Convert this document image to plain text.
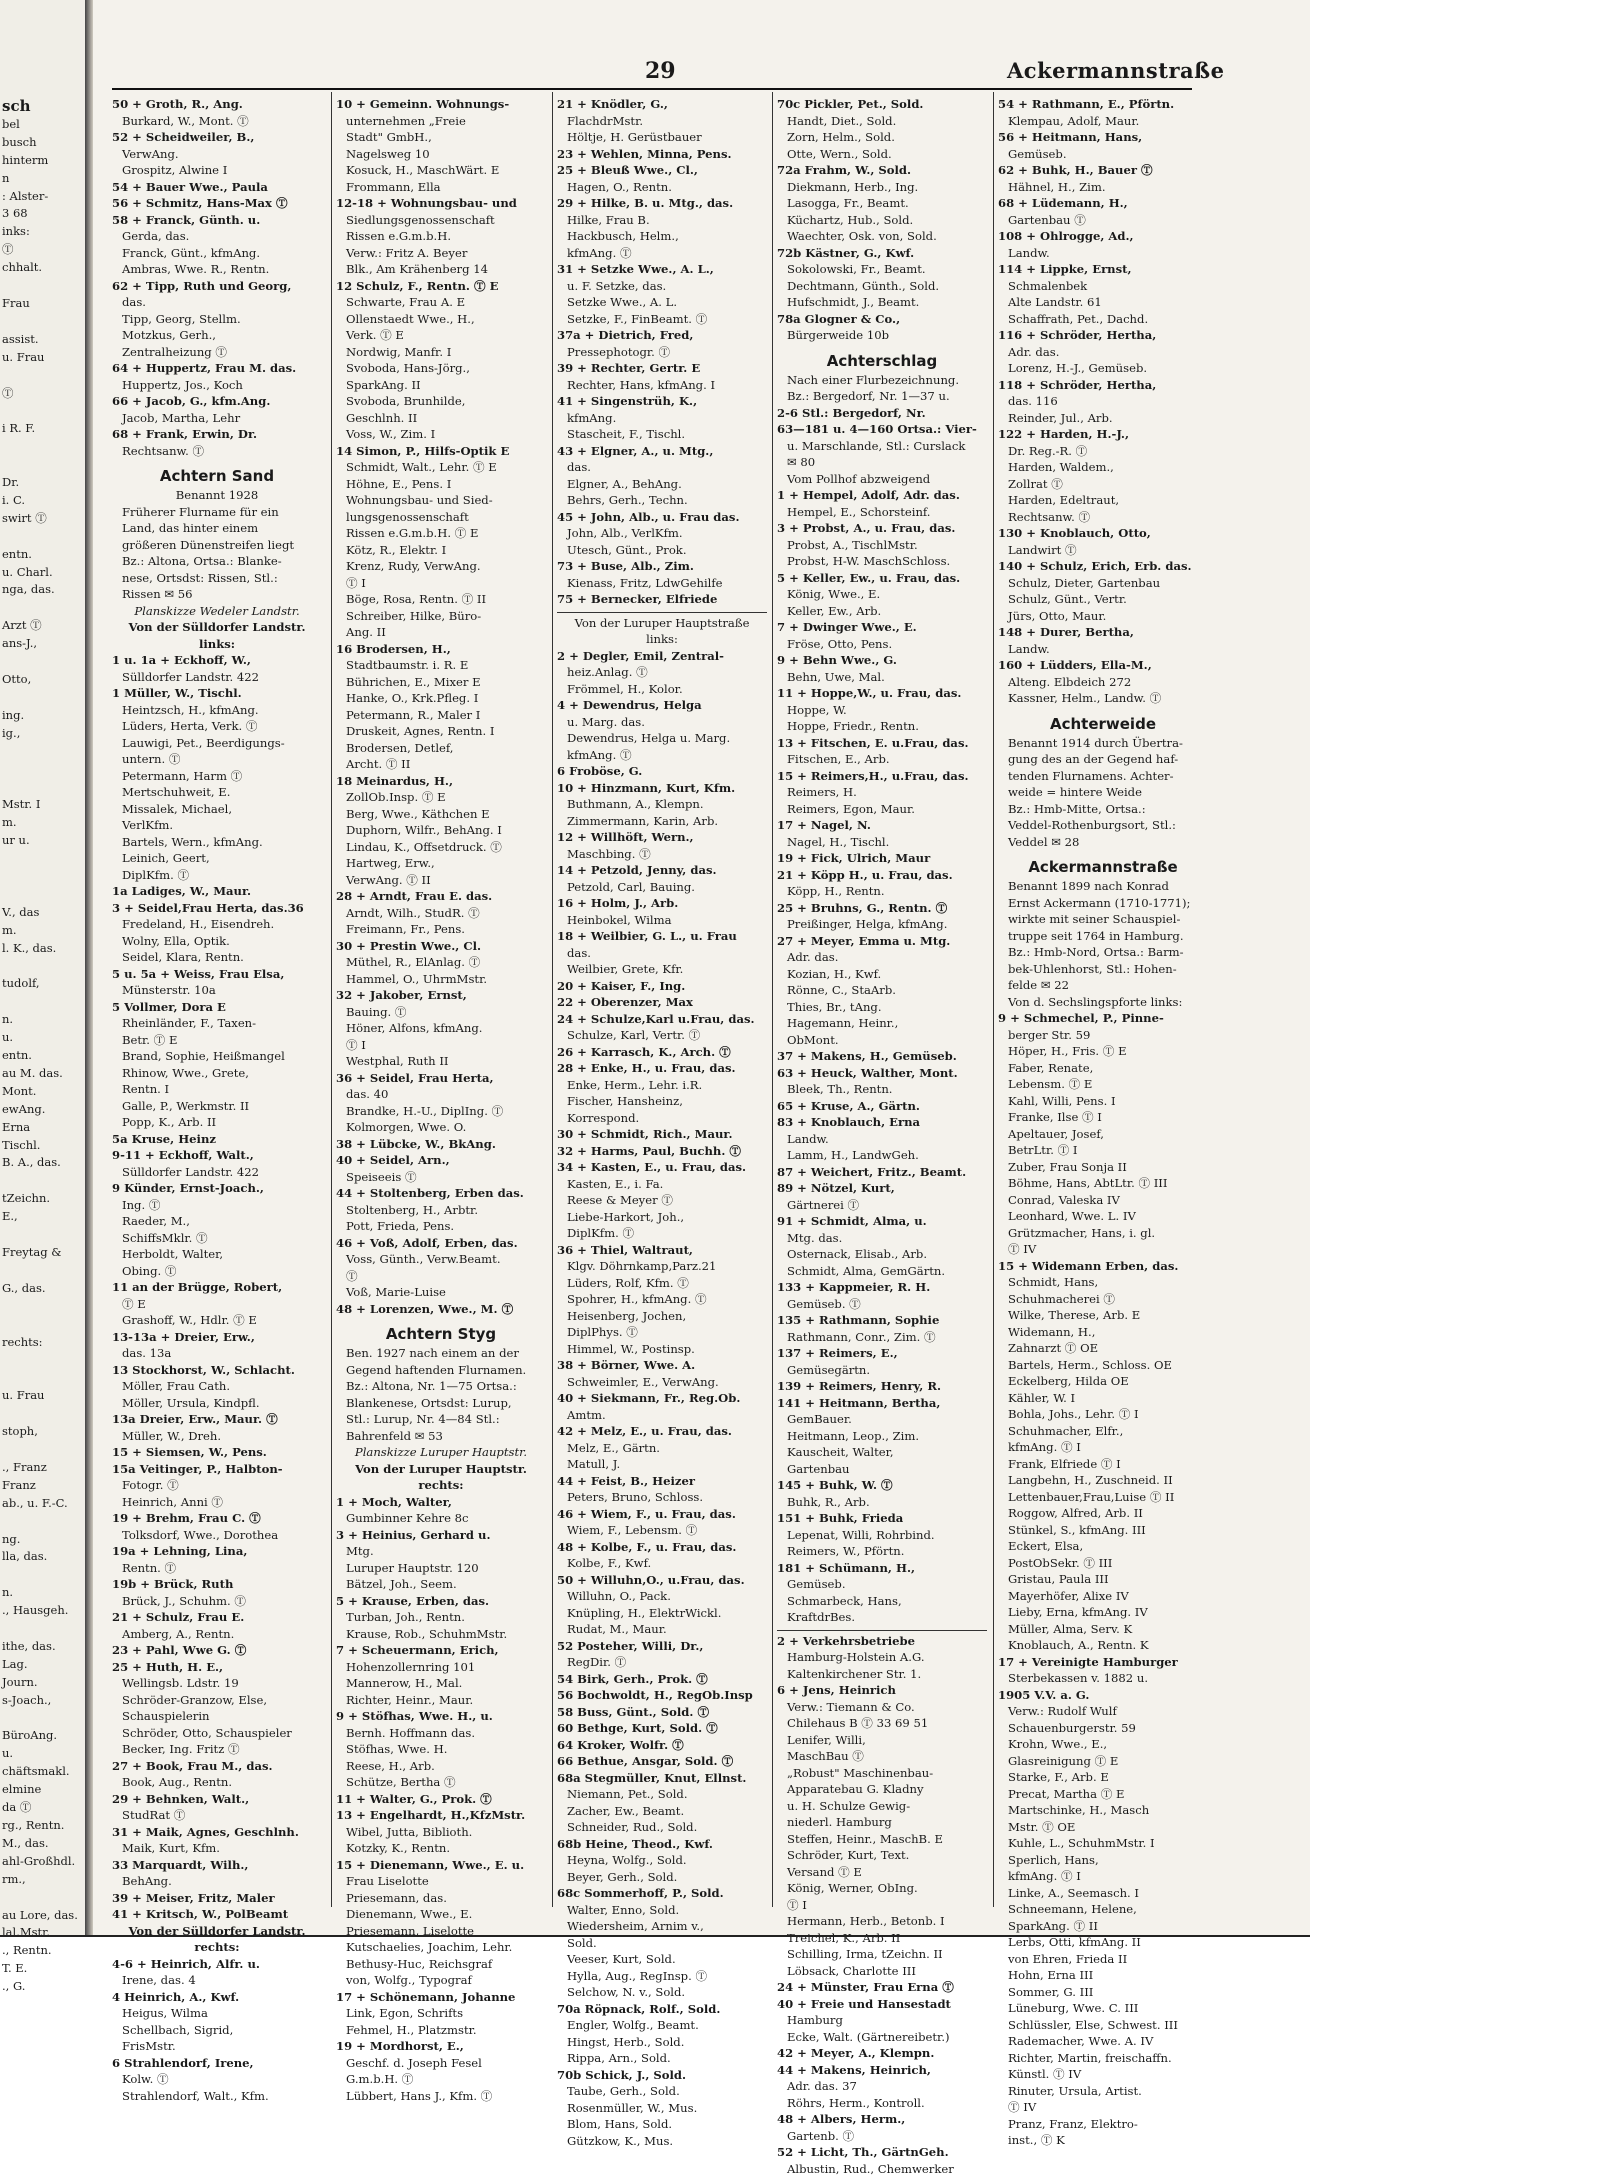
sch
bel
busch
hinterm
n
: Alster-
3 68
inks:
Ⓣ
chhalt.

Frau

assist.
u. Frau

Ⓣ

i R. F.

Dr.
i. C.
swirt Ⓣ

entn.
u. Charl.
nga, das.

Arzt Ⓣ
ans-J.,

Otto,

ing.
ig.,

Mstr. I
m.
ur u.

V., das
m.
l. K., das.

tudolf,

n.
u.
entn.
au M. das.
Mont.
ewAng.
Erna
Tischl.
B. A., das.

tZeichn.
E.,

Freytag &

G., das.

rechts:

u. Frau

stoph,

., Franz
Franz
ab., u. F.-C.

ng.
lla, das.

n.
., Hausgeh.

ithe, das.
Lag.
Journ.
s-Joach.,

BüroAng.
u.
chäftsmakl.
elmine
da Ⓣ
rg., Rentn.
M., das.
ahl-Großhdl.
rm.,

au Lore, das.
lal.Mstr.
., Rentn.
T. E.
., G.
29	Ackermannstraße
50 + Groth, R., Ang.
Burkard, W., Mont. Ⓣ
52 + Scheidweiler, B.,
VerwAng.
Grospitz, Alwine I
54 + Bauer Wwe., Paula
56 + Schmitz, Hans-Max Ⓣ
58 + Franck, Günth. u.
Gerda, das.
Franck, Günt., kfmAng.
Ambras, Wwe. R., Rentn.
62 + Tipp, Ruth und Georg,
das.
Tipp, Georg, Stellm.
Motzkus, Gerh.,
Zentralheizung Ⓣ
64 + Huppertz, Frau M. das.
Huppertz, Jos., Koch
66 + Jacob, G., kfm.Ang.
Jacob, Martha, Lehr
68 + Frank, Erwin, Dr.
Rechtsanw. Ⓣ
Achtern Sand
Benannt 1928
Früherer Flurname für ein
Land, das hinter einem
größeren Dünenstreifen liegt
Bz.: Altona, Ortsa.: Blanke-
nese, Ortsdst: Rissen, Stl.:
Rissen ✉ 56
Planskizze Wedeler Landstr.
Von der Sülldorfer Landstr.
links:
1 u. 1a + Eckhoff, W.,
Sülldorfer Landstr. 422
1 Müller, W., Tischl.
Heintzsch, H., kfmAng.
Lüders, Herta, Verk. Ⓣ
Lauwigi, Pet., Beerdigungs-
untern. Ⓣ
Petermann, Harm Ⓣ
Mertschuhweit, E.
Missalek, Michael,
VerlKfm.
Bartels, Wern., kfmAng.
Leinich, Geert,
DiplKfm. Ⓣ
1a Ladiges, W., Maur.
3 + Seidel,Frau Herta, das.36
Fredeland, H., Eisendreh.
Wolny, Ella, Optik.
Seidel, Klara, Rentn.
5 u. 5a + Weiss, Frau Elsa,
Münsterstr. 10a
5 Vollmer, Dora E
Rheinländer, F., Taxen-
Betr. Ⓣ E
Brand, Sophie, Heißmangel
Rhinow, Wwe., Grete,
Rentn. I
Galle, P., Werkmstr. II
Popp, K., Arb. II
5a Kruse, Heinz
9-11 + Eckhoff, Walt.,
Sülldorfer Landstr. 422
9 Künder, Ernst-Joach.,
Ing. Ⓣ
Raeder, M.,
SchiffsMklr. Ⓣ
Herboldt, Walter,
Obing. Ⓣ
11 an der Brügge, Robert,
Ⓣ E
Grashoff, W., Hdlr. Ⓣ E
13-13a + Dreier, Erw.,
das. 13a
13 Stockhorst, W., Schlacht.
Möller, Frau Cath.
Möller, Ursula, Kindpfl.
13a Dreier, Erw., Maur. Ⓣ
Müller, W., Dreh.
15 + Siemsen, W., Pens.
15a Veitinger, P., Halbton-
Fotogr. Ⓣ
Heinrich, Anni Ⓣ
19 + Brehm, Frau C. Ⓣ
Tolksdorf, Wwe., Dorothea
19a + Lehning, Lina,
Rentn. Ⓣ
19b + Brück, Ruth
Brück, J., Schuhm. Ⓣ
21 + Schulz, Frau E.
Amberg, A., Rentn.
23 + Pahl, Wwe G. Ⓣ
25 + Huth, H. E.,
Wellingsb. Ldstr. 19
Schröder-Granzow, Else,
Schauspielerin
Schröder, Otto, Schauspieler
Becker, Ing. Fritz Ⓣ
27 + Book, Frau M., das.
Book, Aug., Rentn.
29 + Behnken, Walt.,
StudRat Ⓣ
31 + Maik, Agnes, Geschlnh.
Maik, Kurt, Kfm.
33 Marquardt, Wilh.,
BehAng.
39 + Meiser, Fritz, Maler
41 + Kritsch, W., PolBeamt
Von der Sülldorfer Landstr.
rechts:
4-6 + Heinrich, Alfr. u.
Irene, das. 4
4 Heinrich, A., Kwf.
Heigus, Wilma
Schellbach, Sigrid,
FrisMstr.
6 Strahlendorf, Irene,
Kolw. Ⓣ
Strahlendorf, Walt., Kfm.
10 + Gemeinn. Wohnungs-
unternehmen „Freie
Stadt" GmbH.,
Nagelsweg 10
Kosuck, H., MaschWärt. E
Frommann, Ella
12-18 + Wohnungsbau- und
Siedlungsgenossenschaft
Rissen e.G.m.b.H.
Verw.: Fritz A. Beyer
Blk., Am Krähenberg 14
12 Schulz, F., Rentn. Ⓣ E
Schwarte, Frau A. E
Ollenstaedt Wwe., H.,
Verk. Ⓣ E
Nordwig, Manfr. I
Svoboda, Hans-Jörg.,
SparkAng. II
Svoboda, Brunhilde,
Geschlnh. II
Voss, W., Zim. I
14 Simon, P., Hilfs-Optik E
Schmidt, Walt., Lehr. Ⓣ E
Höhne, E., Pens. I
Wohnungsbau- und Sied-
lungsgenossenschaft
Rissen e.G.m.b.H. Ⓣ E
Kötz, R., Elektr. I
Krenz, Rudy, VerwAng.
Ⓣ I
Böge, Rosa, Rentn. Ⓣ II
Schreiber, Hilke, Büro-
Ang. II
16 Brodersen, H.,
Stadtbaumstr. i. R. E
Bührichen, E., Mixer E
Hanke, O., Krk.Pfleg. I
Petermann, R., Maler I
Druskeit, Agnes, Rentn. I
Brodersen, Detlef,
Archt. Ⓣ II
18 Meinardus, H.,
ZollOb.Insp. Ⓣ E
Berg, Wwe., Käthchen E
Duphorn, Wilfr., BehAng. I
Lindau, K., Offsetdruck. Ⓣ
Hartweg, Erw.,
VerwAng. Ⓣ II
28 + Arndt, Frau E. das.
Arndt, Wilh., StudR. Ⓣ
Freimann, Fr., Pens.
30 + Prestin Wwe., Cl.
Müthel, R., ElAnlag. Ⓣ
Hammel, O., UhrmMstr.
32 + Jakober, Ernst,
Bauing. Ⓣ
Höner, Alfons, kfmAng.
Ⓣ I
Westphal, Ruth II
36 + Seidel, Frau Herta,
das. 40
Brandke, H.-U., DiplIng. Ⓣ
Kolmorgen, Wwe. O.
38 + Lübcke, W., BkAng.
40 + Seidel, Arn.,
Speiseeis Ⓣ
44 + Stoltenberg, Erben das.
Stoltenberg, H., Arbtr.
Pott, Frieda, Pens.
46 + Voß, Adolf, Erben, das.
Voss, Günth., Verw.Beamt.
Ⓣ
Voß, Marie-Luise
48 + Lorenzen, Wwe., M. Ⓣ
Achtern Styg
Ben. 1927 nach einem an der
Gegend haftenden Flurnamen.
Bz.: Altona, Nr. 1—75 Ortsa.:
Blankenese, Ortsdst: Lurup,
Stl.: Lurup, Nr. 4—84 Stl.:
Bahrenfeld ✉ 53
Planskizze Luruper Hauptstr.
Von der Luruper Hauptstr.
rechts:
1 + Moch, Walter,
Gumbinner Kehre 8c
3 + Heinius, Gerhard u.
Mtg.
Luruper Hauptstr. 120
Bätzel, Joh., Seem.
5 + Krause, Erben, das.
Turban, Joh., Rentn.
Krause, Rob., SchuhmMstr.
7 + Scheuermann, Erich,
Hohenzollernring 101
Mannerow, H., Mal.
Richter, Heinr., Maur.
9 + Stöfhas, Wwe. H., u.
Bernh. Hoffmann das.
Stöfhas, Wwe. H.
Reese, H., Arb.
Schütze, Bertha Ⓣ
11 + Walter, G., Prok. Ⓣ
13 + Engelhardt, H.,KfzMstr.
Wibel, Jutta, Biblioth.
Kotzky, K., Rentn.
15 + Dienemann, Wwe., E. u.
Frau Liselotte
Priesemann, das.
Dienemann, Wwe., E.
Priesemann, Liselotte
Kutschaelies, Joachim, Lehr.
Bethusy-Huc, Reichsgraf
von, Wolfg., Typograf
17 + Schönemann, Johanne
Link, Egon, Schrifts
Fehmel, H., Platzmstr.
19 + Mordhorst, E.,
Geschf. d. Joseph Fesel
G.m.b.H. Ⓣ
Lübbert, Hans J., Kfm. Ⓣ
21 + Knödler, G.,
FlachdrMstr.
Höltje, H. Gerüstbauer
23 + Wehlen, Minna, Pens.
25 + Bleuß Wwe., Cl.,
Hagen, O., Rentn.
29 + Hilke, B. u. Mtg., das.
Hilke, Frau B.
Hackbusch, Helm.,
kfmAng. Ⓣ
31 + Setzke Wwe., A. L.,
u. F. Setzke, das.
Setzke Wwe., A. L.
Setzke, F., FinBeamt. Ⓣ
37a + Dietrich, Fred,
Pressephotogr. Ⓣ
39 + Rechter, Gertr. E
Rechter, Hans, kfmAng. I
41 + Singenstrüh, K.,
kfmAng.
Stascheit, F., Tischl.
43 + Elgner, A., u. Mtg.,
das.
Elgner, A., BehAng.
Behrs, Gerh., Techn.
45 + John, Alb., u. Frau das.
John, Alb., VerlKfm.
Utesch, Günt., Prok.
73 + Buse, Alb., Zim.
Kienass, Fritz, LdwGehilfe
75 + Bernecker, Elfriede
Von der Luruper Hauptstraße
links:
2 + Degler, Emil, Zentral-
heiz.Anlag. Ⓣ
Frömmel, H., Kolor.
4 + Dewendrus, Helga
u. Marg. das.
Dewendrus, Helga u. Marg.
kfmAng. Ⓣ
6 Froböse, G.
10 + Hinzmann, Kurt, Kfm.
Buthmann, A., Klempn.
Zimmermann, Karin, Arb.
12 + Willhöft, Wern.,
Maschbing. Ⓣ
14 + Petzold, Jenny, das.
Petzold, Carl, Bauing.
16 + Holm, J., Arb.
Heinbokel, Wilma
18 + Weilbier, G. L., u. Frau
das.
Weilbier, Grete, Kfr.
20 + Kaiser, F., Ing.
22 + Oberenzer, Max
24 + Schulze,Karl u.Frau, das.
Schulze, Karl, Vertr. Ⓣ
26 + Karrasch, K., Arch. Ⓣ
28 + Enke, H., u. Frau, das.
Enke, Herm., Lehr. i.R.
Fischer, Hansheinz,
Korrespond.
30 + Schmidt, Rich., Maur.
32 + Harms, Paul, Buchh. Ⓣ
34 + Kasten, E., u. Frau, das.
Kasten, E., i. Fa.
Reese & Meyer Ⓣ
Liebe-Harkort, Joh.,
DiplKfm. Ⓣ
36 + Thiel, Waltraut,
Klgv. Döhrnkamp,Parz.21
Lüders, Rolf, Kfm. Ⓣ
Spohrer, H., kfmAng. Ⓣ
Heisenberg, Jochen,
DiplPhys. Ⓣ
Himmel, W., Postinsp.
38 + Börner, Wwe. A.
Schweimler, E., VerwAng.
40 + Siekmann, Fr., Reg.Ob.
Amtm.
42 + Melz, E., u. Frau, das.
Melz, E., Gärtn.
Matull, J.
44 + Feist, B., Heizer
Peters, Bruno, Schloss.
46 + Wiem, F., u. Frau, das.
Wiem, F., Lebensm. Ⓣ
48 + Kolbe, F., u. Frau, das.
Kolbe, F., Kwf.
50 + Willuhn,O., u.Frau, das.
Willuhn, O., Pack.
Knüpling, H., ElektrWickl.
Rudat, M., Maur.
52 Posteher, Willi, Dr.,
RegDir. Ⓣ
54 Birk, Gerh., Prok. Ⓣ
56 Bochwoldt, H., RegOb.Insp
58 Buss, Günt., Sold. Ⓣ
60 Bethge, Kurt, Sold. Ⓣ
64 Kroker, Wolfr. Ⓣ
66 Bethue, Ansgar, Sold. Ⓣ
68a Stegmüller, Knut, Ellnst.
Niemann, Pet., Sold.
Zacher, Ew., Beamt.
Schneider, Rud., Sold.
68b Heine, Theod., Kwf.
Heyna, Wolfg., Sold.
Beyer, Gerh., Sold.
68c Sommerhoff, P., Sold.
Walter, Enno, Sold.
Wiedersheim, Arnim v.,
Sold.
Veeser, Kurt, Sold.
Hylla, Aug., RegInsp. Ⓣ
Selchow, N. v., Sold.
70a Röpnack, Rolf., Sold.
Engler, Wolfg., Beamt.
Hingst, Herb., Sold.
Rippa, Arn., Sold.
70b Schick, J., Sold.
Taube, Gerh., Sold.
Rosenmüller, W., Mus.
Blom, Hans, Sold.
Gützkow, K., Mus.
70c Pickler, Pet., Sold.
Handt, Diet., Sold.
Zorn, Helm., Sold.
Otte, Wern., Sold.
72a Frahm, W., Sold.
Diekmann, Herb., Ing.
Lasogga, Fr., Beamt.
Küchartz, Hub., Sold.
Waechter, Osk. von, Sold.
72b Kästner, G., Kwf.
Sokolowski, Fr., Beamt.
Dechtmann, Günth., Sold.
Hufschmidt, J., Beamt.
78a Glogner & Co.,
Bürgerweide 10b
Achterschlag
Nach einer Flurbezeichnung.
Bz.: Bergedorf, Nr. 1—37 u.
2-6 Stl.: Bergedorf, Nr.
63—181 u. 4—160 Ortsa.: Vier-
u. Marschlande, Stl.: Curslack
✉ 80
Vom Pollhof abzweigend
1 + Hempel, Adolf, Adr. das.
Hempel, E., Schorsteinf.
3 + Probst, A., u. Frau, das.
Probst, A., TischlMstr.
Probst, H-W. MaschSchloss.
5 + Keller, Ew., u. Frau, das.
König, Wwe., E.
Keller, Ew., Arb.
7 + Dwinger Wwe., E.
Fröse, Otto, Pens.
9 + Behn Wwe., G.
Behn, Uwe, Mal.
11 + Hoppe,W., u. Frau, das.
Hoppe, W.
Hoppe, Friedr., Rentn.
13 + Fitschen, E. u.Frau, das.
Fitschen, E., Arb.
15 + Reimers,H., u.Frau, das.
Reimers, H.
Reimers, Egon, Maur.
17 + Nagel, N.
Nagel, H., Tischl.
19 + Fick, Ulrich, Maur
21 + Köpp H., u. Frau, das.
Köpp, H., Rentn.
25 + Bruhns, G., Rentn. Ⓣ
Preißinger, Helga, kfmAng.
27 + Meyer, Emma u. Mtg.
Adr. das.
Kozian, H., Kwf.
Rönne, C., StaArb.
Thies, Br., tAng.
Hagemann, Heinr.,
ObMont.
37 + Makens, H., Gemüseb.
63 + Heuck, Walther, Mont.
Bleek, Th., Rentn.
65 + Kruse, A., Gärtn.
83 + Knoblauch, Erna
Landw.
Lamm, H., LandwGeh.
87 + Weichert, Fritz., Beamt.
89 + Nötzel, Kurt,
Gärtnerei Ⓣ
91 + Schmidt, Alma, u.
Mtg. das.
Osternack, Elisab., Arb.
Schmidt, Alma, GemGärtn.
133 + Kappmeier, R. H.
Gemüseb. Ⓣ
135 + Rathmann, Sophie
Rathmann, Conr., Zim. Ⓣ
137 + Reimers, E.,
Gemüsegärtn.
139 + Reimers, Henry, R.
141 + Heitmann, Bertha,
GemBauer.
Heitmann, Leop., Zim.
Kauscheit, Walter,
Gartenbau
145 + Buhk, W. Ⓣ
Buhk, R., Arb.
151 + Buhk, Frieda
Lepenat, Willi, Rohrbind.
Reimers, W., Pförtn.
181 + Schümann, H.,
Gemüseb.
Schmarbeck, Hans,
KraftdrBes.
2 + Verkehrsbetriebe
Hamburg-Holstein A.G.
Kaltenkirchener Str. 1.
6 + Jens, Heinrich
Verw.: Tiemann & Co.
Chilehaus B Ⓣ 33 69 51
Lenifer, Willi,
MaschBau Ⓣ
„Robust" Maschinenbau-
Apparatebau G. Kladny
u. H. Schulze Gewig-
niederl. Hamburg
Steffen, Heinr., MaschB. E
Schröder, Kurt, Text.
Versand Ⓣ E
König, Werner, ObIng.
Ⓣ I
Hermann, Herb., Betonb. I
Treichel, K., Arb. II
Schilling, Irma, tZeichn. II
Löbsack, Charlotte III
24 + Münster, Frau Erna Ⓣ
40 + Freie und Hansestadt
Hamburg
Ecke, Walt. (Gärtnereibetr.)
42 + Meyer, A., Klempn.
44 + Makens, Heinrich,
Adr. das. 37
Röhrs, Herm., Kontroll.
48 + Albers, Herm.,
Gartenb. Ⓣ
52 + Licht, Th., GärtnGeh.
Albustin, Rud., Chemwerker
54 + Rathmann, E., Pförtn.
Klempau, Adolf, Maur.
56 + Heitmann, Hans,
Gemüseb.
62 + Buhk, H., Bauer Ⓣ
Hähnel, H., Zim.
68 + Lüdemann, H.,
Gartenbau Ⓣ
108 + Ohlrogge, Ad.,
Landw.
114 + Lippke, Ernst,
Schmalenbek
Alte Landstr. 61
Schaffrath, Pet., Dachd.
116 + Schröder, Hertha,
Adr. das.
Lorenz, H.-J., Gemüseb.
118 + Schröder, Hertha,
das. 116
Reinder, Jul., Arb.
122 + Harden, H.-J.,
Dr. Reg.-R. Ⓣ
Harden, Waldem.,
Zollrat Ⓣ
Harden, Edeltraut,
Rechtsanw. Ⓣ
130 + Knoblauch, Otto,
Landwirt Ⓣ
140 + Schulz, Erich, Erb. das.
Schulz, Dieter, Gartenbau
Schulz, Günt., Vertr.
Jürs, Otto, Maur.
148 + Durer, Bertha,
Landw.
160 + Lüdders, Ella-M.,
Alteng. Elbdeich 272
Kassner, Helm., Landw. Ⓣ
Achterweide
Benannt 1914 durch Übertra-
gung des an der Gegend haf-
tenden Flurnamens. Achter-
weide = hintere Weide
Bz.: Hmb-Mitte, Ortsa.:
Veddel-Rothenburgsort, Stl.:
Veddel ✉ 28
Ackermannstraße
Benannt 1899 nach Konrad
Ernst Ackermann (1710-1771);
wirkte mit seiner Schauspiel-
truppe seit 1764 in Hamburg.
Bz.: Hmb-Nord, Ortsa.: Barm-
bek-Uhlenhorst, Stl.: Hohen-
felde ✉ 22
Von d. Sechslingspforte links:
9 + Schmechel, P., Pinne-
berger Str. 59
Höper, H., Fris. Ⓣ E
Faber, Renate,
Lebensm. Ⓣ E
Kahl, Willi, Pens. I
Franke, Ilse Ⓣ I
Apeltauer, Josef,
BetrLtr. Ⓣ I
Zuber, Frau Sonja II
Böhme, Hans, AbtLtr. Ⓣ III
Conrad, Valeska IV
Leonhard, Wwe. L. IV
Grützmacher, Hans, i. gl.
Ⓣ IV
15 + Widemann Erben, das.
Schmidt, Hans,
Schuhmacherei Ⓣ
Wilke, Therese, Arb. E
Widemann, H.,
Zahnarzt Ⓣ OE
Bartels, Herm., Schloss. OE
Eckelberg, Hilda OE
Kähler, W. I
Bohla, Johs., Lehr. Ⓣ I
Schuhmacher, Elfr.,
kfmAng. Ⓣ I
Frank, Elfriede Ⓣ I
Langbehn, H., Zuschneid. II
Lettenbauer,Frau,Luise Ⓣ II
Roggow, Alfred, Arb. II
Stünkel, S., kfmAng. III
Eckert, Elsa,
PostObSekr. Ⓣ III
Gristau, Paula III
Mayerhöfer, Alixe IV
Lieby, Erna, kfmAng. IV
Müller, Alma, Serv. K
Knoblauch, A., Rentn. K
17 + Vereinigte Hamburger
Sterbekassen v. 1882 u.
1905 V.V. a. G.
Verw.: Rudolf Wulf
Schauenburgerstr. 59
Krohn, Wwe., E.,
Glasreinigung Ⓣ E
Starke, F., Arb. E
Precat, Martha Ⓣ E
Martschinke, H., Masch
Mstr. Ⓣ OE
Kuhle, L., SchuhmMstr. I
Sperlich, Hans,
kfmAng. Ⓣ I
Linke, A., Seemasch. I
Schneemann, Helene,
SparkAng. Ⓣ II
Lerbs, Otti, kfmAng. II
von Ehren, Frieda II
Hohn, Erna III
Sommer, G. III
Lüneburg, Wwe. C. III
Schlüssler, Else, Schwest. III
Rademacher, Wwe. A. IV
Richter, Martin, freischaffn.
Künstl. Ⓣ IV
Rinuter, Ursula, Artist.
Ⓣ IV
Pranz, Franz, Elektro-
inst., Ⓣ K
